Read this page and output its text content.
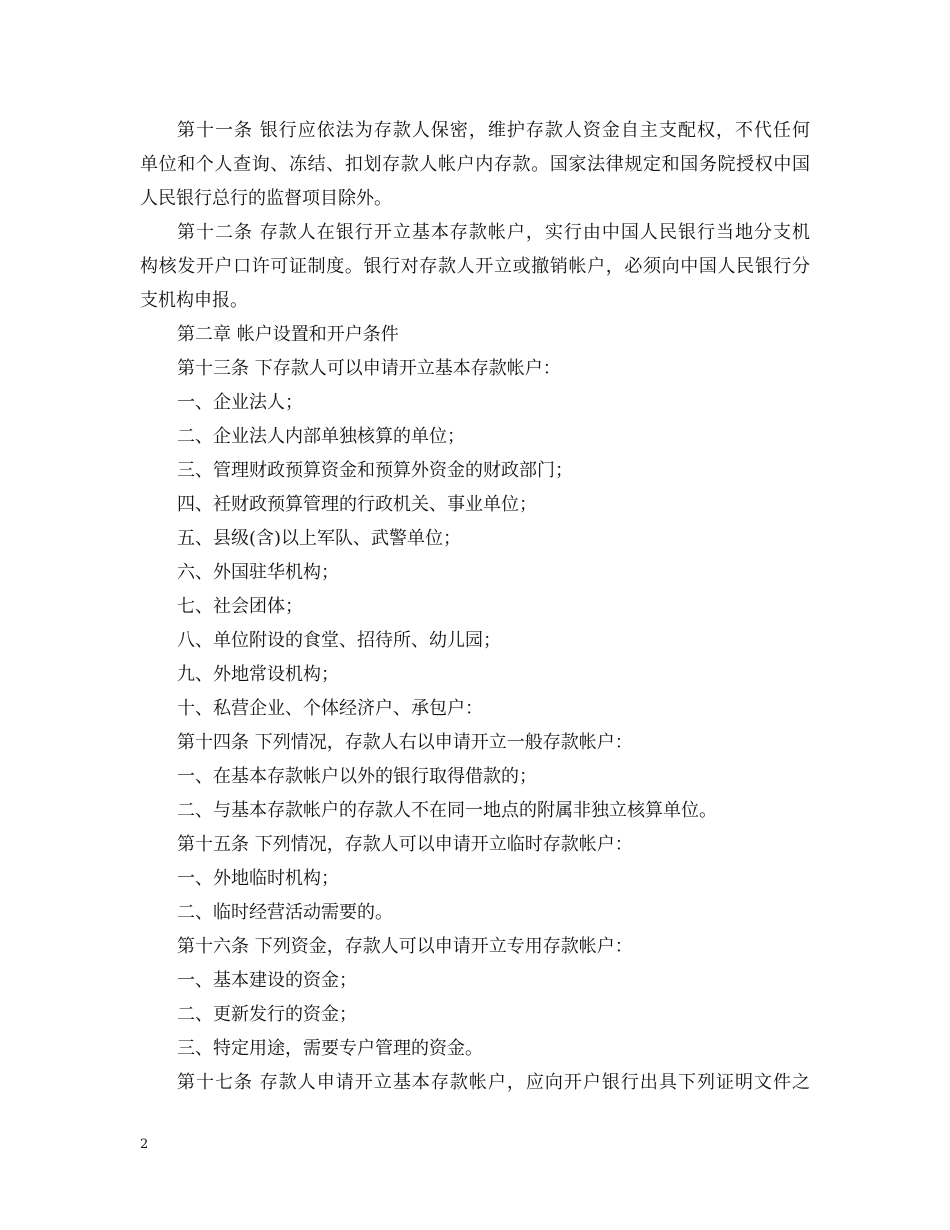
第十一条 银行应依法为存款人保密，维护存款人资金自主支配权，不代任何
单位和个人查询、冻结、扣划存款人帐户内存款。国家法律规定和国务院授权中国
人民银行总行的监督项目除外。
第十二条 存款人在银行开立基本存款帐户，实行由中国人民银行当地分支机
构核发开户口许可证制度。银行对存款人开立或撤销帐户，必须向中国人民银行分
支机构申报。
第二章 帐户设置和开户条件
第十三条 下存款人可以申请开立基本存款帐户：
一、企业法人；
二、企业法人内部单独核算的单位；
三、管理财政预算资金和预算外资金的财政部门；
四、衽财政预算管理的行政机关、事业单位；
五、县级(含)以上军队、武警单位；
六、外国驻华机构；
七、社会团体；
八、单位附设的食堂、招待所、幼儿园；
九、外地常设机构；
十、私营企业、个体经济户、承包户：
第十四条 下列情况，存款人右以申请开立一般存款帐户：
一、在基本存款帐户以外的银行取得借款的；
二、与基本存款帐户的存款人不在同一地点的附属非独立核算单位。
第十五条 下列情况，存款人可以申请开立临时存款帐户：
一、外地临时机构；
二、临时经营活动需要的。
第十六条 下列资金，存款人可以申请开立专用存款帐户：
一、基本建设的资金；
二、更新发行的资金；
三、特定用途，需要专户管理的资金。
第十七条 存款人申请开立基本存款帐户，应向开户银行出具下列证明文件之
2
